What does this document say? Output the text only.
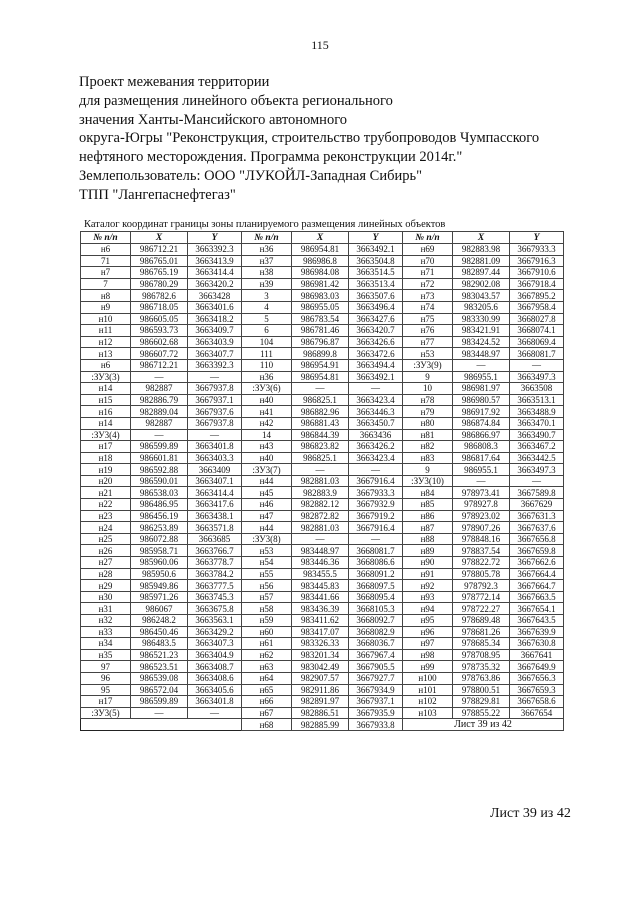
115
Проект межевания территории
для размещения линейного объекта регионального
значения Ханты-Мансийского автономного
округа-Югры "Реконструкция, строительство трубопроводов Чумпасского
нефтяного месторождения. Программа реконструкции 2014г."
Землепользователь: ООО "ЛУКОЙЛ-Западная Сибирь"
ТПП "Лангепаснефтегаз"
Каталог координат границы зоны планируемого размещения линейных объектов
№ п/п	X	Y	№ п/п	X	Y	№ п/п	X	Y
н6	986712.21	3663392.3	н36	986954.81	3663492.1	н69	982883.98	3667933.3
71	986765.01	3663413.9	н37	986986.8	3663504.8	н70	982881.09	3667916.3
н7	986765.19	3663414.4	н38	986984.08	3663514.5	н71	982897.44	3667910.6
7	986780.29	3663420.2	н39	986981.42	3663513.4	н72	982902.08	3667918.4
н8	986782.6	3663428	3	986983.03	3663507.6	н73	983043.57	3667895.2
н9	986718.05	3663401.6	4	986955.05	3663496.4	н74	983205.6	3667958.4
н10	986605.05	3663418.2	5	986783.54	3663427.6	н75	983330.99	3668027.8
н11	986593.73	3663409.7	6	986781.46	3663420.7	н76	983421.91	3668074.1
н12	986602.68	3663403.9	104	986796.87	3663426.6	н77	983424.52	3668069.4
н13	986607.72	3663407.7	111	986899.8	3663472.6	н53	983448.97	3668081.7
н6	986712.21	3663392.3	110	986954.91	3663494.4	:ЗУ3(9)	—	—
:ЗУ3(3)	—	—	н36	986954.81	3663492.1	9	986955.1	3663497.3
н14	982887	3667937.8	:ЗУ3(6)	—	—	10	986981.97	3663508
н15	982886.79	3667937.1	н40	986825.1	3663423.4	н78	986980.57	3663513.1
н16	982889.04	3667937.6	н41	986882.96	3663446.3	н79	986917.92	3663488.9
н14	982887	3667937.8	н42	986881.43	3663450.7	н80	986874.84	3663470.1
:ЗУ3(4)	—	—	14	986844.39	3663436	н81	986866.97	3663490.7
н17	986599.89	3663401.8	н43	986823.82	3663426.2	н82	986808.3	3663467.2
н18	986601.81	3663403.3	н40	986825.1	3663423.4	н83	986817.64	3663442.5
н19	986592.88	3663409	:ЗУ3(7)	—	—	9	986955.1	3663497.3
н20	986590.01	3663407.1	н44	982881.03	3667916.4	:ЗУ3(10)	—	—
н21	986538.03	3663414.4	н45	982883.9	3667933.3	н84	978973.41	3667589.8
н22	986486.95	3663417.6	н46	982882.12	3667932.9	н85	978927.8	3667629
н23	986456.19	3663438.1	н47	982872.82	3667919.2	н86	978923.02	3667631.3
н24	986253.89	3663571.8	н44	982881.03	3667916.4	н87	978907.26	3667637.6
н25	986072.88	3663685	:ЗУ3(8)	—	—	н88	978848.16	3667656.8
н26	985958.71	3663766.7	н53	983448.97	3668081.7	н89	978837.54	3667659.8
н27	985960.06	3663778.7	н54	983446.36	3668086.6	н90	978822.72	3667662.6
н28	985950.6	3663784.2	н55	983455.5	3668091.2	н91	978805.78	3667664.4
н29	985949.86	3663777.5	н56	983445.83	3668097.5	н92	978792.3	3667664.7
н30	985971.26	3663745.3	н57	983441.66	3668095.4	н93	978772.14	3667663.5
н31	986067	3663675.8	н58	983436.39	3668105.3	н94	978722.27	3667654.1
н32	986248.2	3663563.1	н59	983411.62	3668092.7	н95	978689.48	3667643.5
н33	986450.46	3663429.2	н60	983417.07	3668082.9	н96	978681.26	3667639.9
н34	986483.5	3663407.3	н61	983326.33	3668036.7	н97	978685.34	3667630.8
н35	986521.23	3663404.9	н62	983201.34	3667967.4	н98	978708.95	3667641
97	986523.51	3663408.7	н63	983042.49	3667905.5	н99	978735.32	3667649.9
96	986539.08	3663408.6	н64	982907.57	3667927.7	н100	978763.86	3667656.3
95	986572.04	3663405.6	н65	982911.86	3667934.9	н101	978800.51	3667659.3
н17	986599.89	3663401.8	н66	982891.97	3667937.1	н102	978829.81	3667658.6
:ЗУ3(5)	—	—	н67	982886.51	3667935.9	н103	978855.22	3667654
			н68	982885.99	3667933.8	Лист 39 из 42		
Лист 39 из 42
